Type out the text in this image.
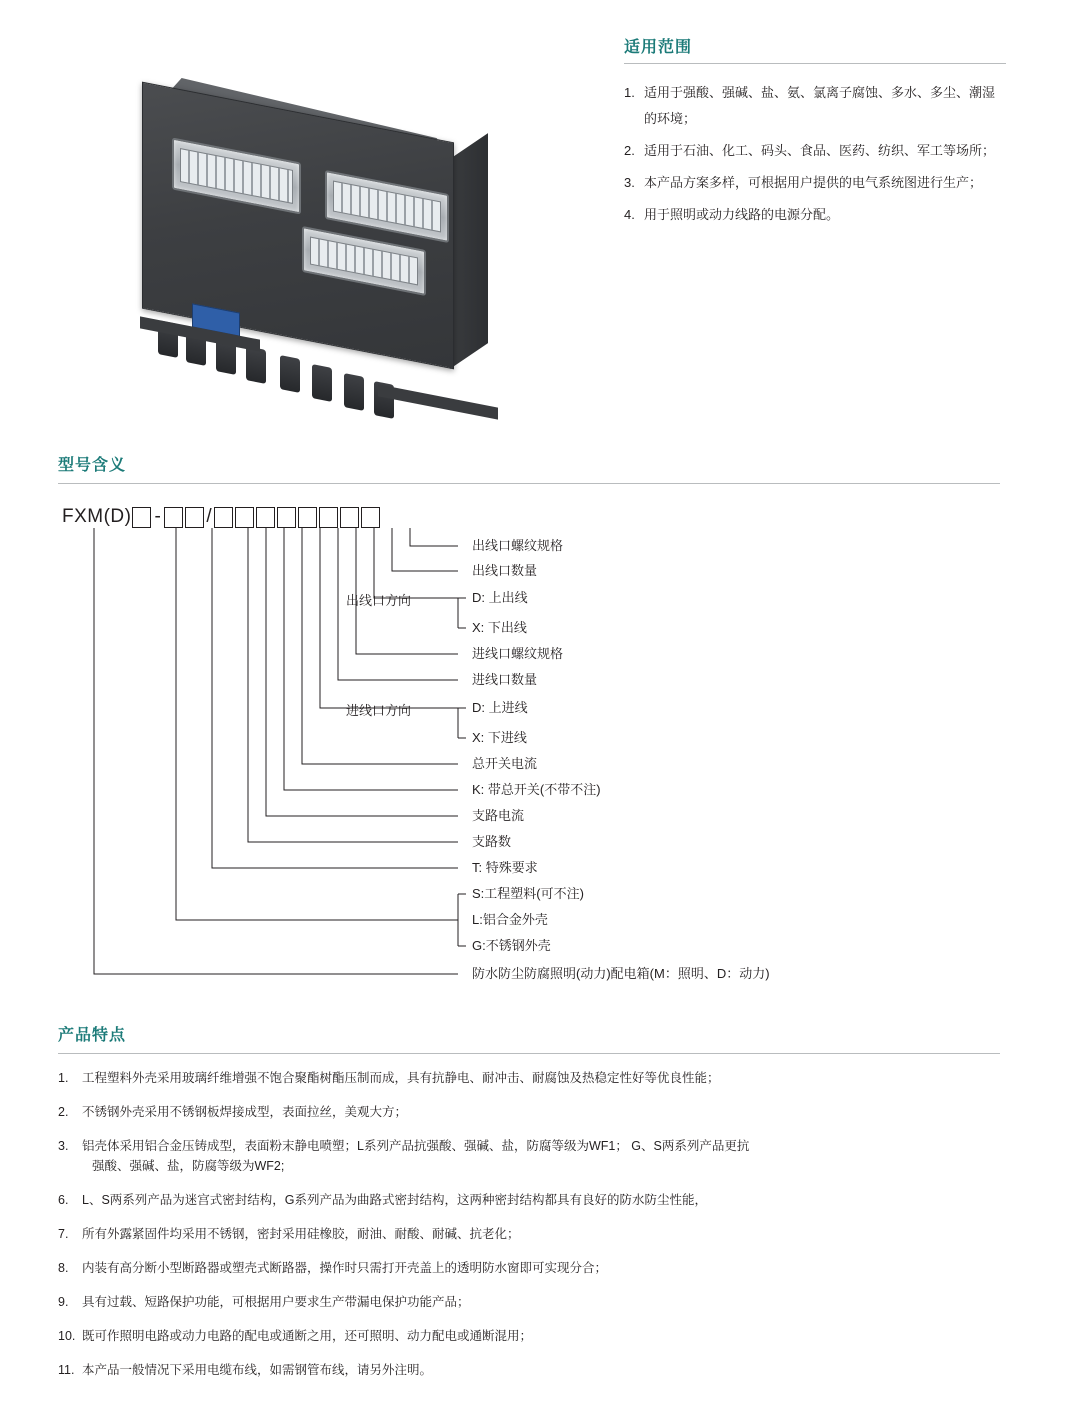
适用范围
1. 适用于强酸、强碱、盐、氨、氯离子腐蚀、多水、多尘、潮湿的环境；
2. 适用于石油、化工、码头、食品、医药、纺织、军工等场所；
3. 本产品方案多样，可根据用户提供的电气系统图进行生产；
4. 用于照明或动力线路的电源分配。
型号含义
FXM(D) - /
出线口方向
进线口方向
出线口螺纹规格
出线口数量
D: 上出线
X: 下出线
进线口螺纹规格
进线口数量
D: 上进线
X: 下进线
总开关电流
K: 带总开关(不带不注)
支路电流
支路数
T: 特殊要求
S:工程塑料(可不注)
L:铝合金外壳
G:不锈钢外壳
防水防尘防腐照明(动力)配电箱(M：照明、D：动力)
产品特点
1.	工程塑料外壳采用玻璃纤维增强不饱合聚酯树酯压制而成，具有抗静电、耐冲击、耐腐蚀及热稳定性好等优良性能；
2.	不锈钢外壳采用不锈钢板焊接成型，表面拉丝，美观大方；
3.	铝壳体采用铝合金压铸成型，表面粉末静电喷塑；L系列产品抗强酸、强碱、盐，防腐等级为WF1； G、S两系列产品更抗
强酸、强碱、盐，防腐等级为WF2;
6.	L、S两系列产品为迷宫式密封结构，G系列产品为曲路式密封结构，这两种密封结构都具有良好的防水防尘性能，
7.	所有外露紧固件均采用不锈钢，密封采用硅橡胶，耐油、耐酸、耐碱、抗老化；
8.	内装有高分断小型断路器或塑壳式断路器，操作时只需打开壳盖上的透明防水窗即可实现分合；
9.	具有过载、短路保护功能，可根据用户要求生产带漏电保护功能产品；
10. 既可作照明电路或动力电路的配电或通断之用，还可照明、动力配电或通断混用；
11. 本产品一般情况下采用电缆布线，如需钢管布线，请另外注明。
